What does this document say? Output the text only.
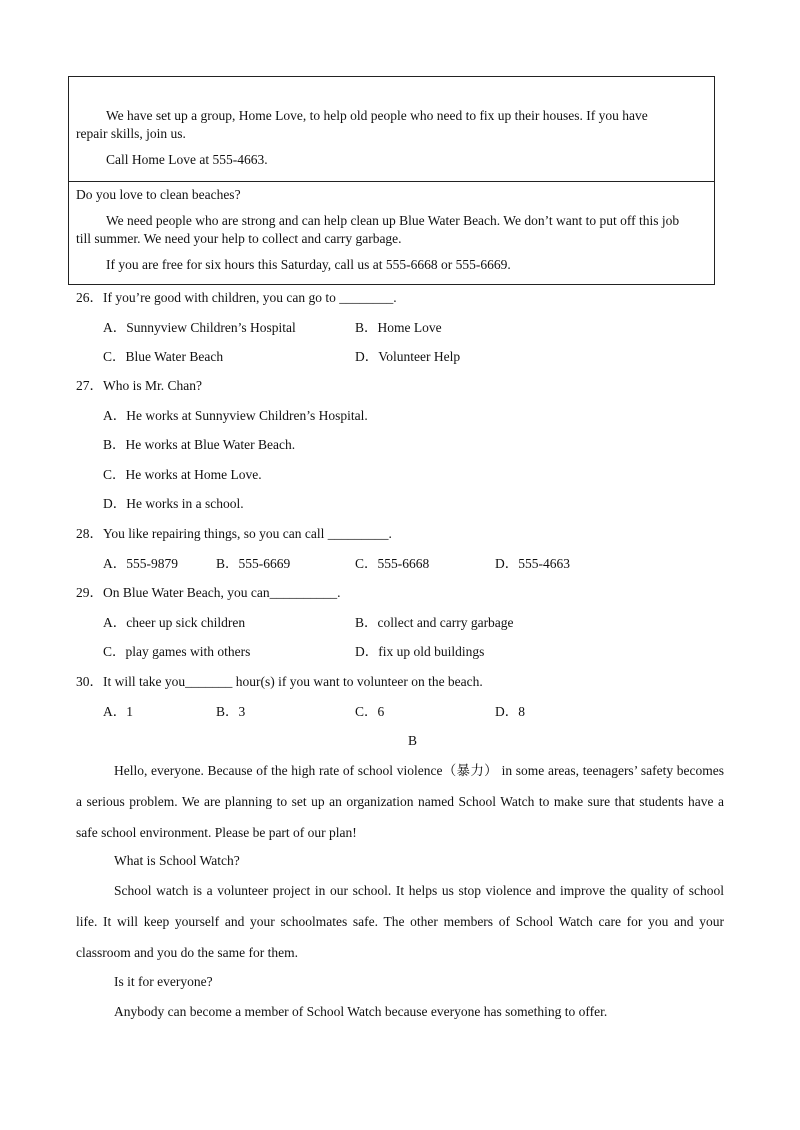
We have set up a group, Home Love, to help old people who need to fix up their houses. If you have
repair skills, join us.
Call Home Love at 555-4663.
Do you love to clean beaches?
We need people who are strong and can help clean up Blue Water Beach. We don’t want to put off this job
till summer. We need your help to collect and carry garbage.
If you are free for six hours this Saturday, call us at 555-6668 or 555-6669.
26．If you’re good with children, you can go to ________.
A．Sunnyview Children’s Hospital	B．Home Love
C．Blue Water Beach	D．Volunteer Help
27．Who is Mr. Chan?
A．He works at Sunnyview Children’s Hospital.
B．He works at Blue Water Beach.
C．He works at Home Love.
D．He works in a school.
28．You like repairing things, so you can call _________.
A．555-9879	B．555-6669	C．555-6668	D．555-4663
29．On Blue Water Beach, you can__________.
A．cheer up sick children	B．collect and carry garbage
C．play games with others	D．fix up old buildings
30．It will take you_______ hour(s) if you want to volunteer on the beach.
A．1	B．3	C．6	D．8
B
Hello, everyone. Because of the high rate of school violence（暴力） in some areas, teenagers’ safety becomes a serious problem. We are planning to set up an organization named School Watch to make sure that students have a safe school environment. Please be part of our plan!
What is School Watch?
School watch is a volunteer project in our school. It helps us stop violence and improve the quality of school life. It will keep yourself and your schoolmates safe. The other members of School Watch care for you and your classroom and you do the same for them.
Is it for everyone?
Anybody can become a member of School Watch because everyone has something to offer.
